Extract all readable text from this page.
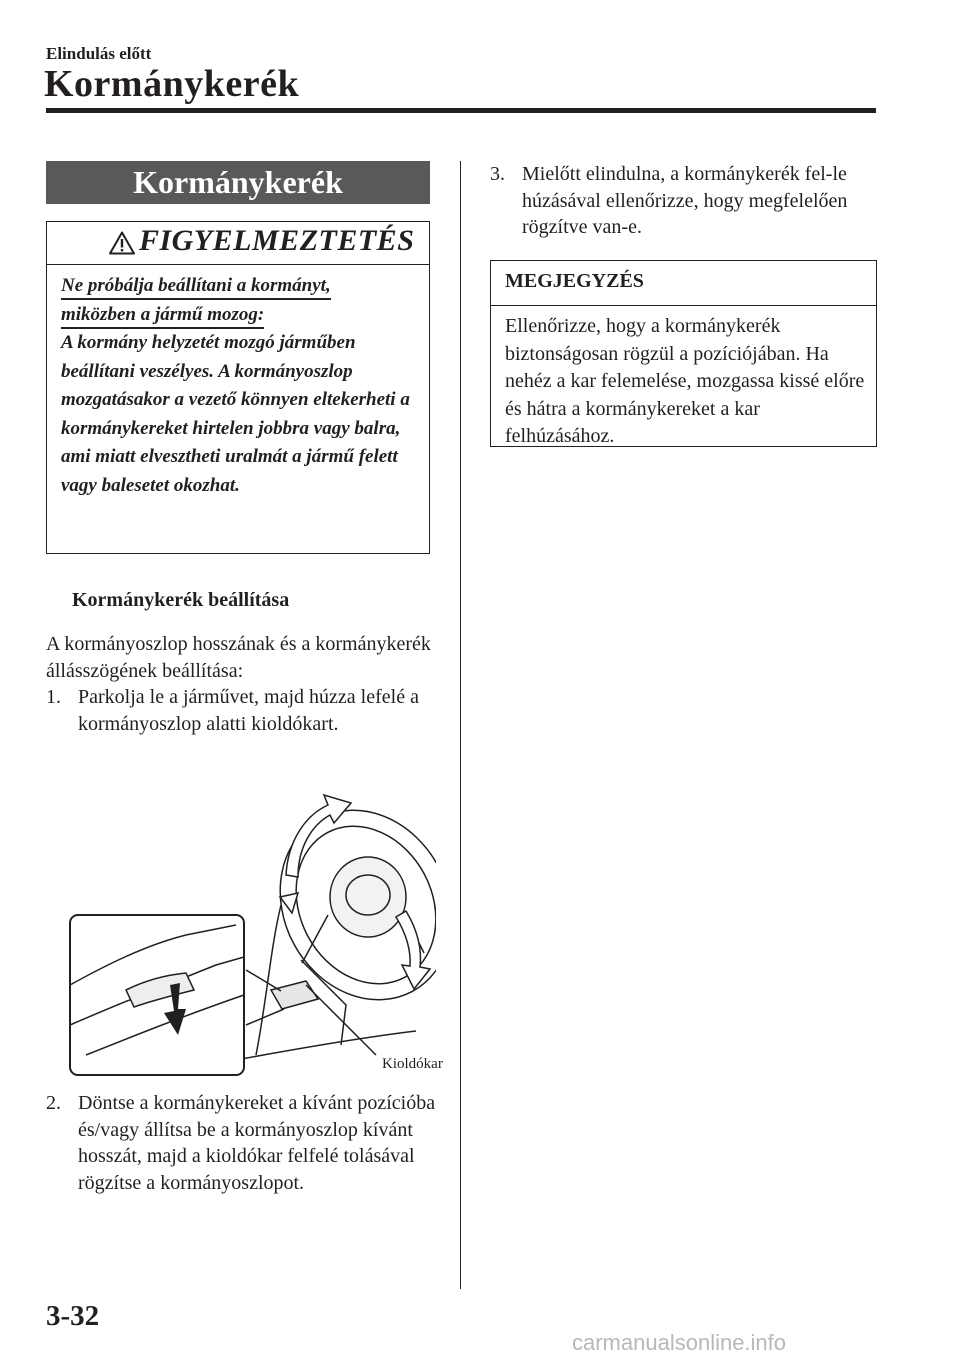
Elindulás előtt
Kormánykerék
Kormánykerék
FIGYELMEZTETÉS
Ne próbálja beállítani a kormányt,
miközben a jármű mozog:
A kormány helyzetét mozgó járműben beállítani veszélyes. A kormányoszlop mozgatásakor a vezető könnyen eltekerheti a kormánykereket hirtelen jobbra vagy balra, ami miatt elvesztheti uralmát a jármű felett vagy balesetet okozhat.
Kormánykerék beállítása
A kormányoszlop hosszának és a kormánykerék állásszögének beállítása:
1. Parkolja le a járművet, majd húzza lefelé a kormányoszlop alatti kioldókart.
Kioldókar
2. Döntse a kormánykereket a kívánt pozícióba és/vagy állítsa be a kormányoszlop kívánt hosszát, majd a kioldókar felfelé tolásával rögzítse a kormányoszlopot.
3. Mielőtt elindulna, a kormánykerék fel-le húzásával ellenőrizze, hogy megfelelően rögzítve van-e.
MEGJEGYZÉS
Ellenőrizze, hogy a kormánykerék biztonságosan rögzül a pozíciójában. Ha nehéz a kar felemelése, mozgassa kissé előre és hátra a kormánykereket a kar felhúzásához.
3-32
carmanualsonline.info
